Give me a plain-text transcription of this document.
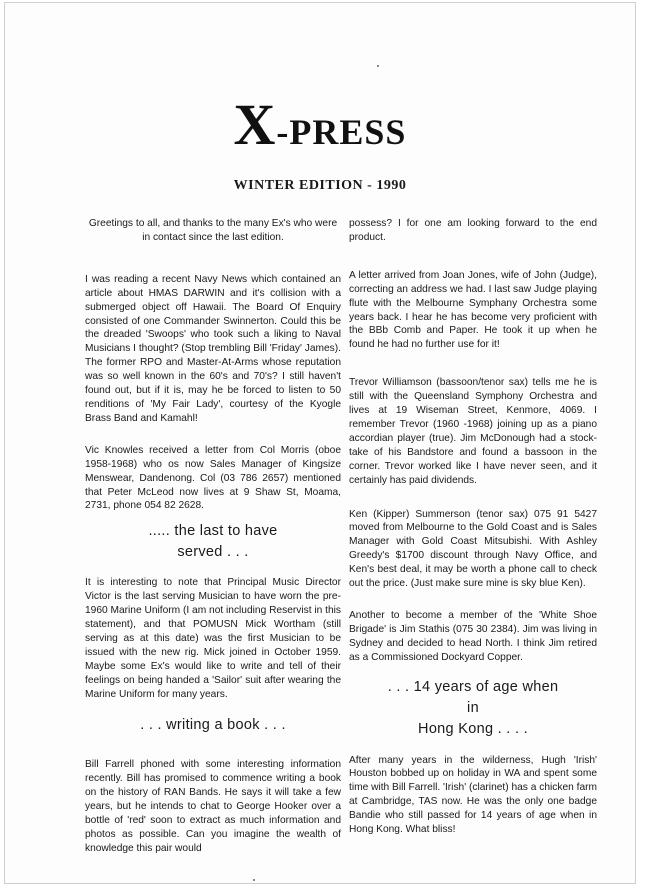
X-PRESS
WINTER EDITION - 1990

Greetings to all, and thanks to the many Ex's who were in contact since the last edition.

I was reading a recent Navy News which contained an article about HMAS DARWIN and it's collision with a submerged object off Hawaii. The Board Of Enquiry consisted of one Commander Swinnerton. Could this be the dreaded 'Swoops' who took such a liking to Naval Musicians I thought? (Stop trembling Bill 'Friday' James). The former RPO and Master-At-Arms whose reputation was so well known in the 60's and 70's? I still haven't found out, but if it is, may he be forced to listen to 50 renditions of 'My Fair Lady', courtesy of the Kyogle Brass Band and Kamahl!

Vic Knowles received a letter from Col Morris (oboe 1958-1968) who os now Sales Manager of Kingsize Menswear, Dandenong. Col (03 786 2657) mentioned that Peter McLeod now lives at 9 Shaw St, Moama, 2731, phone 054 82 2628.

..... the last to have
served . . .

It is interesting to note that Principal Music Director Victor is the last serving Musician to have worn the pre-1960 Marine Uniform (I am not including Reservist in this statement), and that POMUSN Mick Wortham (still serving as at this date) was the first Musician to be issued with the new rig. Mick joined in October 1959. Maybe some Ex's would like to write and tell of their feelings on being handed a 'Sailor' suit after wearing the Marine Uniform for many years.

. . . writing a book . . .

Bill Farrell phoned with some interesting information recently. Bill has promised to commence writing a book on the history of RAN Bands. He says it will take a few years, but he intends to chat to George Hooker over a bottle of 'red' soon to extract as much information and photos as possible. Can you imagine the wealth of knowledge this pair would

possess? I for one am looking forward to the end product.

A letter arrived from Joan Jones, wife of John (Judge), correcting an address we had. I last saw Judge playing flute with the Melbourne Symphany Orchestra some years back. I hear he has become very proficient with the BBb Comb and Paper. He took it up when he found he had no further use for it!

Trevor Williamson (bassoon/tenor sax) tells me he is still with the Queensland Symphony Orchestra and lives at 19 Wiseman Street, Kenmore, 4069. I remember Trevor (1960 -1968) joining up as a piano accordian player (true). Jim McDonough had a stock-take of his Bandstore and found a bassoon in the corner. Trevor worked like I have never seen, and it certainly has paid dividends.

Ken (Kipper) Summerson (tenor sax) 075 91 5427 moved from Melbourne to the Gold Coast and is Sales Manager with Gold Coast Mitsubishi. With Ashley Greedy's $1700 discount through Navy Office, and Ken's best deal, it may be worth a phone call to check out the price. (Just make sure mine is sky blue Ken).

Another to become a member of the 'White Shoe Brigade' is Jim Stathis (075 30 2384). Jim was living in Sydney and decided to head North. I think Jim retired as a Commissioned Dockyard Copper.

. . . 14 years of age when
in
Hong Kong . . . .

After many years in the wilderness, Hugh 'Irish' Houston bobbed up on holiday in WA and spent some time with Bill Farrell. 'Irish' (clarinet) has a chicken farm at Cambridge, TAS now. He was the only one badge Bandie who still passed for 14 years of age when in Hong Kong. What bliss!
